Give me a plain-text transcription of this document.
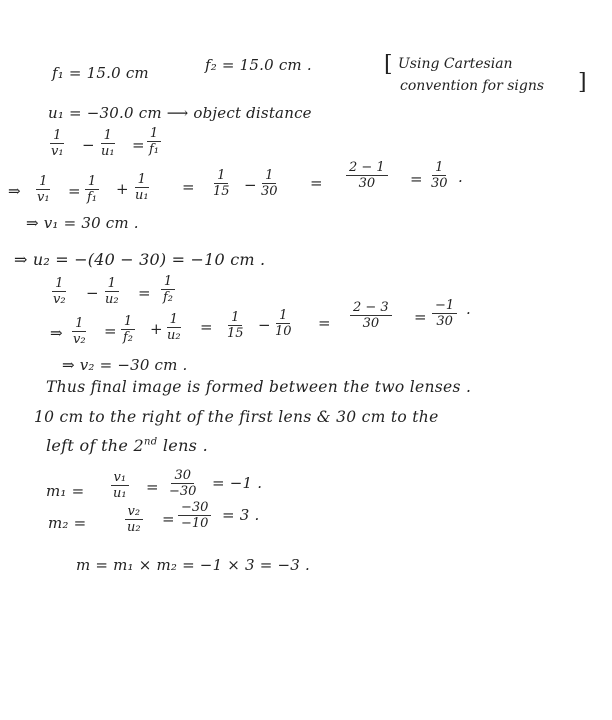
f₁ = 15.0 cm	f₂ = 15.0 cm .	[ Using Cartesian
convention for signs ]
u₁ = −30.0 cm ⟶ object distance
$\frac{1}{\text{v₁}} - \frac{1}{\text{u₁}} = \frac{1}{\text{f₁}}$
⇒ $\frac{1}{\text{v₁}} = \frac{1}{\text{f₁}} + \frac{1}{\text{u₁}} = \frac{1}{15} - \frac{1}{30} = \frac{2 - 1}{30} = \frac{1}{30}$ .
⇒ v₁ = 30 cm .
⇒ u₂ = −(40 − 30) = −10 cm .
$\frac{1}{\text{v₂}} - \frac{1}{\text{u₂}} = \frac{1}{\text{f₂}}$
⇒ $\frac{1}{\text{v₂}} = \frac{1}{\text{f₂}} + \frac{1}{\text{u₂}} = \frac{1}{15} - \frac{1}{10} = \frac{2 - 3}{30} = \frac{-1}{30}$ .
⇒ v₂ = −30 cm .
Thus final image is formed between the two lenses .
10 cm to the right of the first lens & 30 cm to the
left of the 2nd lens .
$m_1 = \frac{\text{v₁}}{\text{u₁}} = \frac{30}{-30} = -1$ .
m₂ =	$\frac{\text{v₂}}{\text{u₂}} = \frac{-30}{-10} = 3$ .
m = m₁ × m₂ = −1 × 3 = −3 .
